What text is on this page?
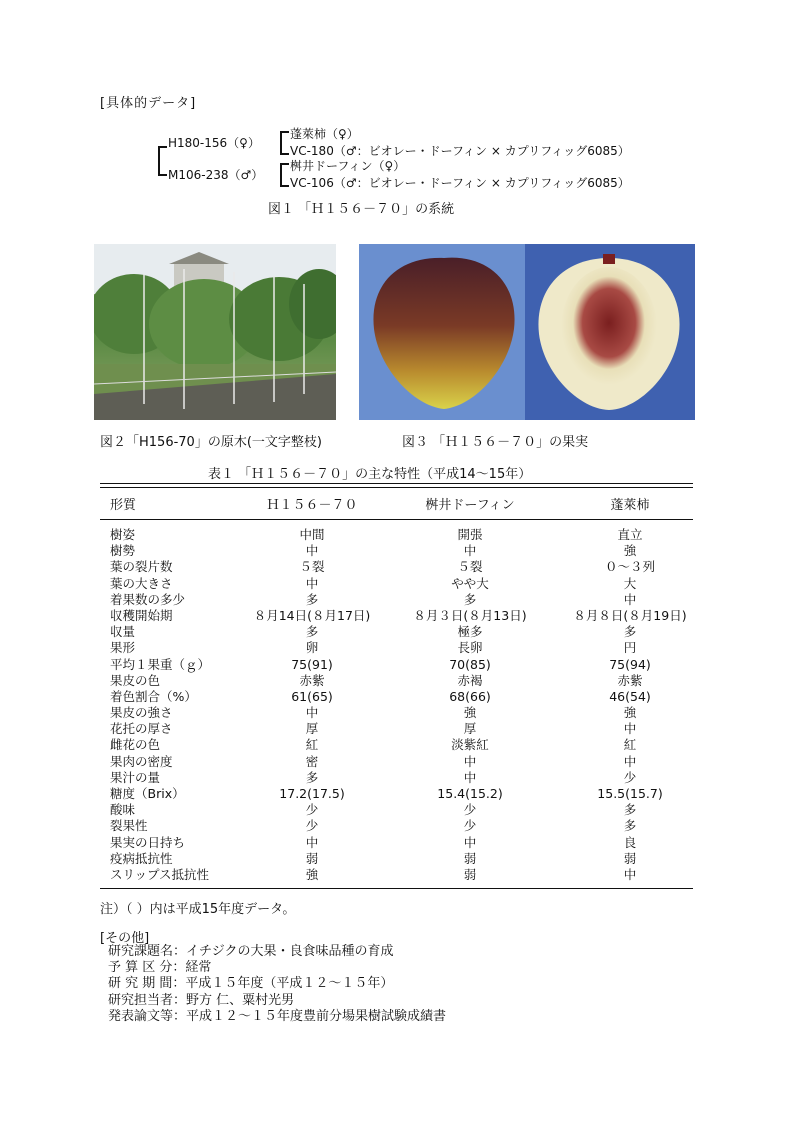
[具体的データ]
H180-156（♀）
M106-238（♂）
蓬萊柿（♀）
VC-180（♂：ビオレー・ドーフィン × カプリフィッグ6085）
桝井ドーフィン（♀）
VC-106（♂：ビオレー・ドーフィン × カプリフィッグ6085）
図１ 「Ｈ１５６－７０」の系統
図２「H156-70」の原木(一文字整枝)	図３ 「Ｈ１５６－７０」の果実
表１ 「Ｈ１５６－７０」の主な特性（平成14～15年）
形質	Ｈ１５６－７０	桝井ドーフィン	蓬萊柿
樹姿	中間	開張	直立
樹勢	中	中	強
葉の裂片数	５裂	５裂	０～３列
葉の大きさ	中	やや大	大
着果数の多少	多	多	中
収穫開始期	８月14日(８月17日)	８月３日(８月13日)	８月８日(８月19日)
収量	多	極多	多
果形	卵	長卵	円
平均１果重（ｇ）	75(91)	70(85)	75(94)
果皮の色	赤紫	赤褐	赤紫
着色割合（%）	61(65)	68(66)	46(54)
果皮の強さ	中	強	強
花托の厚さ	厚	厚	中
雌花の色	紅	淡紫紅	紅
果肉の密度	密	中	中
果汁の量	多	中	少
糖度（Brix）	17.2(17.5)	15.4(15.2)	15.5(15.7)
酸味	少	少	多
裂果性	少	少	多
果実の日持ち	中	中	良
疫病抵抗性	弱	弱	弱
スリップス抵抗性	強	弱	中
注）（ ）内は平成15年度データ。
[その他]
研究課題名：イチジクの大果・良食味品種の育成
予 算 区 分：経常
研 究 期 間：平成１５年度（平成１２～１５年）
研究担当者：野方 仁、粟村光男
発表論文等：平成１２～１５年度豊前分場果樹試験成績書
